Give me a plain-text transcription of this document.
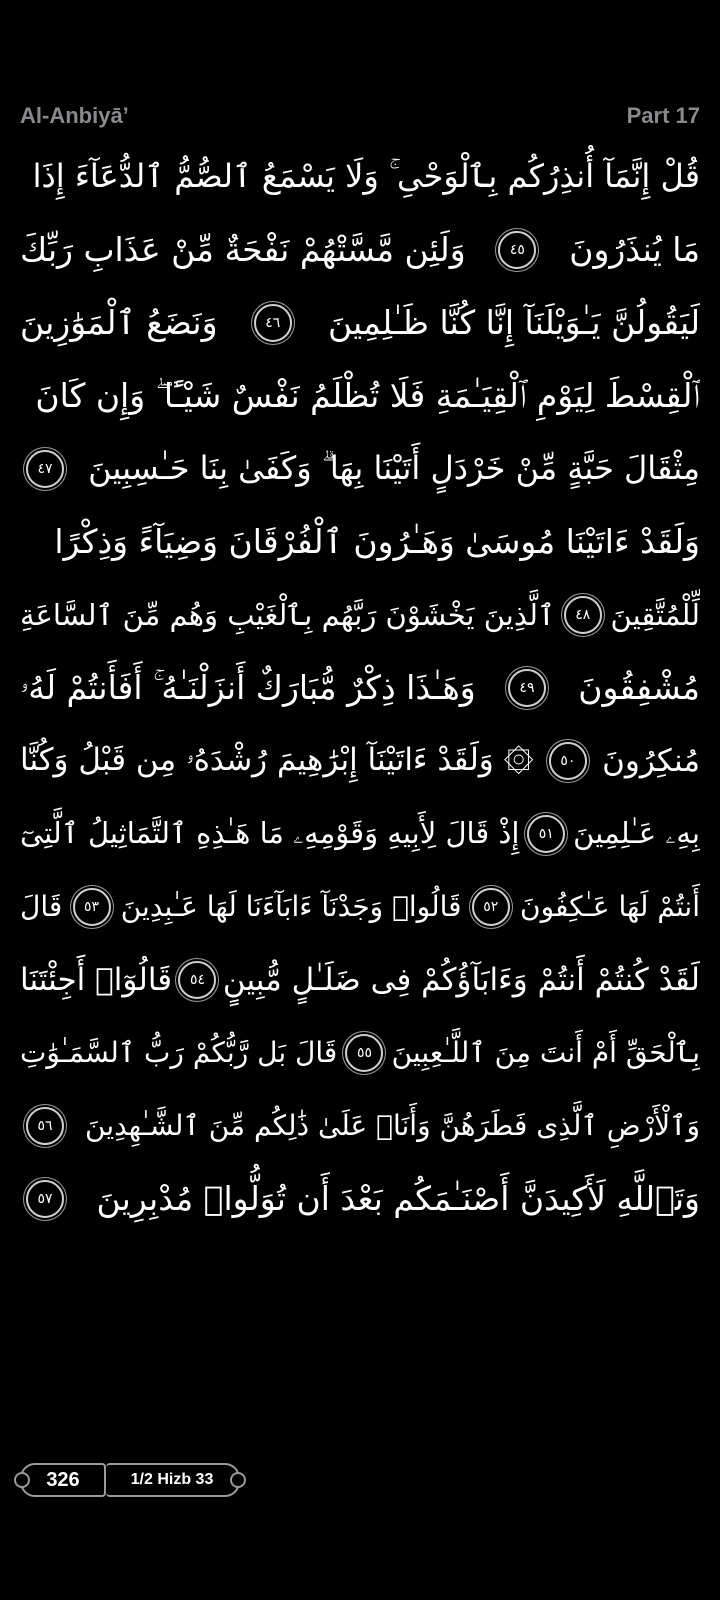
Al-Anbiyā’	Part 17
قُلْ إِنَّمَآ أُنذِرُكُم بِٱلْوَحْىِ ۚ وَلَا يَسْمَعُ ٱلصُّمُّ ٱلدُّعَآءَ إِذَا
مَا يُنذَرُونَ
٤٥
وَلَئِن مَّسَّتْهُمْ نَفْحَةٌ مِّنْ عَذَابِ رَبِّكَ
لَيَقُولُنَّ يَـٰوَيْلَنَآ إِنَّا كُنَّا ظَـٰلِمِينَ
٤٦
وَنَضَعُ ٱلْمَوَٰزِينَ
ٱلْقِسْطَ لِيَوْمِ ٱلْقِيَـٰمَةِ فَلَا تُظْلَمُ نَفْسٌ شَيْـًٔا ۖ وَإِن كَانَ
مِثْقَالَ حَبَّةٍ مِّنْ خَرْدَلٍ أَتَيْنَا بِهَا ۗ وَكَفَىٰ بِنَا حَـٰسِبِينَ
٤٧
وَلَقَدْ ءَاتَيْنَا مُوسَىٰ وَهَـٰرُونَ ٱلْفُرْقَانَ وَضِيَآءً وَذِكْرًا
لِّلْمُتَّقِينَ
٤٨
ٱلَّذِينَ يَخْشَوْنَ رَبَّهُم بِٱلْغَيْبِ وَهُم مِّنَ ٱلسَّاعَةِ
مُشْفِقُونَ
٤٩
وَهَـٰذَا ذِكْرٌ مُّبَارَكٌ أَنزَلْنَـٰهُ ۚ أَفَأَنتُمْ لَهُۥ
مُنكِرُونَ
٥٠
۞ وَلَقَدْ ءَاتَيْنَآ إِبْرَٰهِيمَ رُشْدَهُۥ مِن قَبْلُ وَكُنَّا
بِهِۦ عَـٰلِمِينَ
٥١
إِذْ قَالَ لِأَبِيهِ وَقَوْمِهِۦ مَا هَـٰذِهِ ٱلتَّمَاثِيلُ ٱلَّتِىٓ
أَنتُمْ لَهَا عَـٰكِفُونَ
٥٢
قَالُوا۟ وَجَدْنَآ ءَابَآءَنَا لَهَا عَـٰبِدِينَ
٥٣
قَالَ
لَقَدْ كُنتُمْ أَنتُمْ وَءَابَآؤُكُمْ فِى ضَلَـٰلٍ مُّبِينٍ
٥٤
قَالُوٓا۟ أَجِئْتَنَا
بِٱلْحَقِّ أَمْ أَنتَ مِنَ ٱللَّـٰعِبِينَ
٥٥
قَالَ بَل رَّبُّكُمْ رَبُّ ٱلسَّمَـٰوَٰتِ
وَٱلْأَرْضِ ٱلَّذِى فَطَرَهُنَّ وَأَنَا۠ عَلَىٰ ذَٰلِكُم مِّنَ ٱلشَّـٰهِدِينَ
٥٦
وَتَٱللَّهِ لَأَكِيدَنَّ أَصْنَـٰمَكُم بَعْدَ أَن تُوَلُّوا۟ مُدْبِرِينَ
٥٧
326	1/2 Hizb 33
